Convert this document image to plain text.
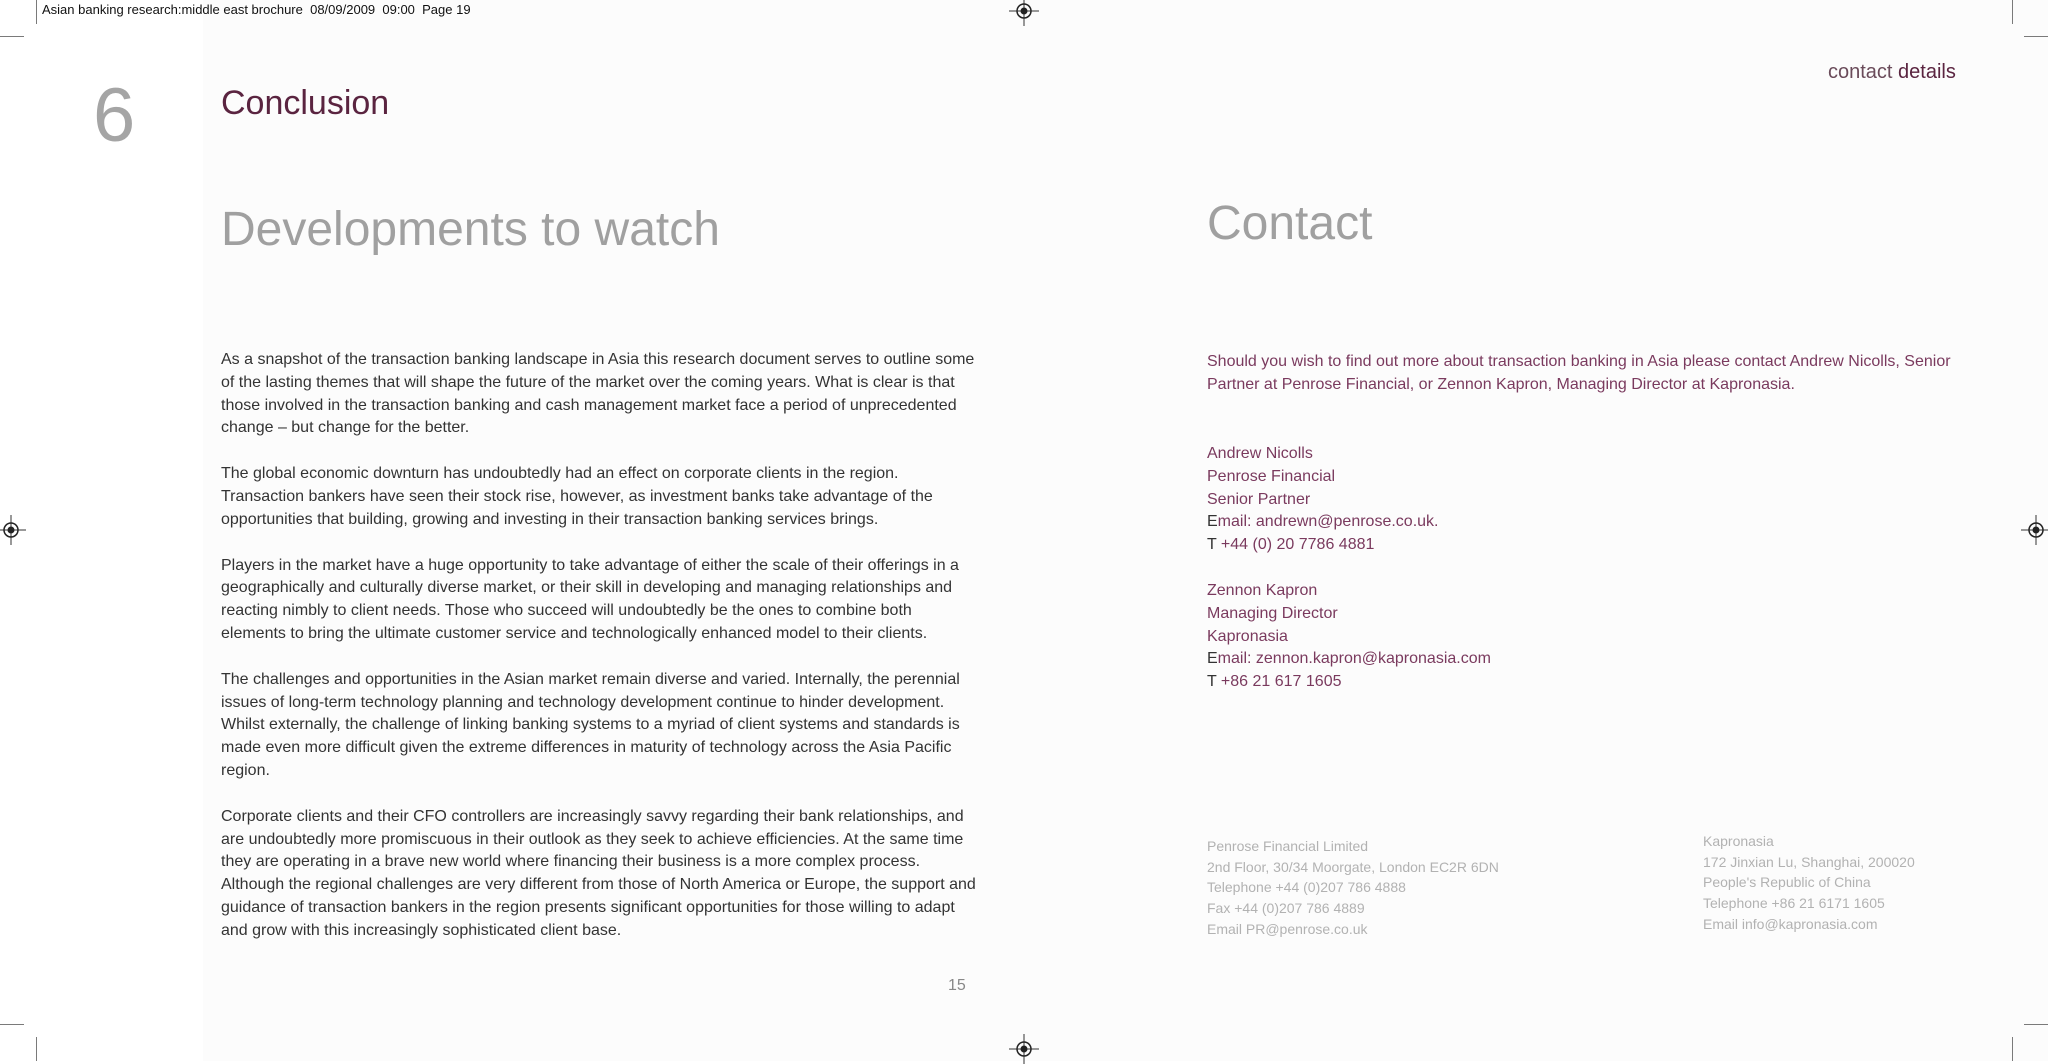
Asian banking research:middle east brochure  08/09/2009  09:00  Page 19
6	Conclusion
Developments to watch

As a snapshot of the transaction banking landscape in Asia this research document serves to outline some of the lasting themes that will shape the future of the market over the coming years. What is clear is that those involved in the transaction banking and cash management market face a period of unprecedented change – but change for the better.

The global economic downturn has undoubtedly had an effect on corporate clients in the region. Transaction bankers have seen their stock rise, however, as investment banks take advantage of the opportunities that building, growing and investing in their transaction banking services brings.

Players in the market have a huge opportunity to take advantage of either the scale of their offerings in a geographically and culturally diverse market, or their skill in developing and managing relationships and reacting nimbly to client needs. Those who succeed will undoubtedly be the ones to combine both elements to bring the ultimate customer service and technologically enhanced model to their clients.

The challenges and opportunities in the Asian market remain diverse and varied. Internally, the perennial issues of long-term technology planning and technology development continue to hinder development. Whilst externally, the challenge of linking banking systems to a myriad of client systems and standards is made even more difficult given the extreme differences in maturity of technology across the Asia Pacific region.

Corporate clients and their CFO controllers are increasingly savvy regarding their bank relationships, and are undoubtedly more promiscuous in their outlook as they seek to achieve efficiencies. At the same time they are operating in a brave new world where financing their business is a more complex process. Although the regional challenges are very different from those of North America or Europe, the support and guidance of transaction bankers in the region presents significant opportunities for those willing to adapt and grow with this increasingly sophisticated client base.

15
contact details
Contact
Should you wish to find out more about transaction banking in Asia please contact Andrew Nicolls, Senior Partner at Penrose Financial, or Zennon Kapron, Managing Director at Kapronasia.
Andrew Nicolls
Penrose Financial
Senior Partner
Email: andrewn@penrose.co.uk.
T +44 (0) 20 7786 4881
Zennon Kapron
Managing Director
Kapronasia
Email: zennon.kapron@kapronasia.com
T +86 21 617 1605
Penrose Financial Limited
2nd Floor, 30/34 Moorgate, London EC2R 6DN
Telephone +44 (0)207 786 4888
Fax +44 (0)207 786 4889
Email PR@penrose.co.uk
Kapronasia
172 Jinxian Lu, Shanghai, 200020
People's Republic of China
Telephone +86 21 6171 1605
Email info@kapronasia.com
